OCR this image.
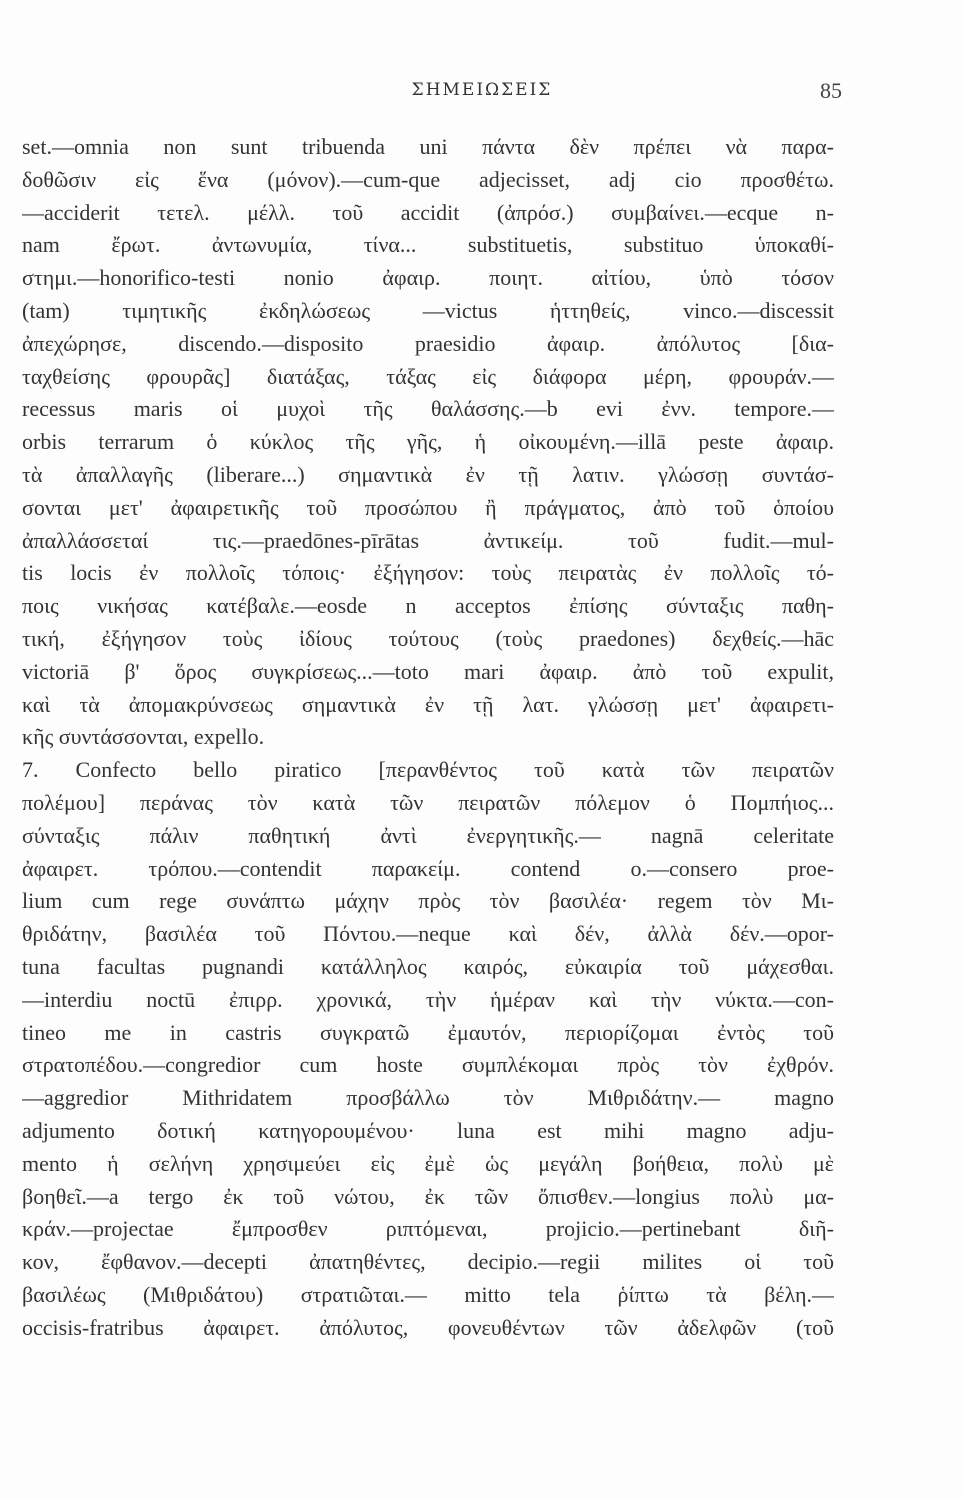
ΣΗΜΕΙΩΣΕΙΣ	85
set.—omnia non sunt tribuenda uni πάντα δὲν πρέπει νὰ παρα-
δοθῶσιν εἰς ἕνα (μόνον).—cum-que adjecisset, adj cio προσθέτω.
—acciderit τετελ. μέλλ. τοῦ accidit (ἀπρόσ.) συμβαίνει.—ecque n-
nam ἔρωτ. ἀντωνυμία, τίνα... substituetis, substituo ὑποκαθί-
στημι.—honorifico-testi nonio ἀφαιρ. ποιητ. αἰτίου, ὑπὸ τόσον
(tam) τιμητικῆς ἐκδηλώσεως —victus ἡττηθείς, vinco.—discessit
ἀπεχώρησε, discendo.—disposito praesidio ἀφαιρ. ἀπόλυτος [δια-
ταχθείσης φρουρᾶς] διατάξας, τάξας εἰς διάφορα μέρη, φρουράν.—
recessus maris οἱ μυχοὶ τῆς θαλάσσης.—b evi ἐνν. tempore.—
orbis terrarum ὁ κύκλος τῆς γῆς, ἡ οἰκουμένη.—illā peste ἀφαιρ.
τὰ ἀπαλλαγῆς (liberare...) σημαντικὰ ἐν τῇ λατιν. γλώσσῃ συντάσ-
σονται μετ' ἀφαιρετικῆς τοῦ προσώπου ἢ πράγματος, ἀπὸ τοῦ ὁποίου
ἀπαλλάσσεταί τις.—praedōnes-pīrātas ἀντικείμ. τοῦ fudit.—mul-
tis locis ἐν πολλοῖς τόποις· ἐξήγησον: τοὺς πειρατὰς ἐν πολλοῖς τό-
ποις νικήσας κατέβαλε.—eosde n acceptos ἐπίσης σύνταξις παθη-
τική, ἐξήγησον τοὺς ἰδίους τούτους (τοὺς praedones) δεχθείς.—hāc
victoriā β' ὅρος συγκρίσεως...—toto mari ἀφαιρ. ἀπὸ τοῦ expulit,
καὶ τὰ ἀπομακρύνσεως σημαντικὰ ἐν τῇ λατ. γλώσσῃ μετ' ἀφαιρετι-
κῆς συντάσσονται, expello.
7. Confecto bello piratico [περανθέντος τοῦ κατὰ τῶν πειρατῶν
πολέμου] περάνας τὸν κατὰ τῶν πειρατῶν πόλεμον ὁ Πομπήιος...
σύνταξις πάλιν παθητική ἀντὶ ἐνεργητικῆς.— nagnā celeritate
ἀφαιρετ. τρόπου.—contendit παρακείμ. contend o.—consero proe-
lium cum rege συνάπτω μάχην πρὸς τὸν βασιλέα· regem τὸν Μι-
θριδάτην, βασιλέα τοῦ Πόντου.—neque καὶ δέν, ἀλλὰ δέν.—opor-
tuna facultas pugnandi κατάλληλος καιρός, εὐκαιρία τοῦ μάχεσθαι.
—interdiu noctū ἐπιρρ. χρονικά, τὴν ἡμέραν καὶ τὴν νύκτα.—con-
tineo me in castris συγκρατῶ ἐμαυτόν, περιορίζομαι ἐντὸς τοῦ
στρατοπέδου.—congredior cum hoste συμπλέκομαι πρὸς τὸν ἐχθρόν.
—aggredior Mithridatem προσβάλλω τὸν Μιθριδάτην.— magno
adjumento δοτική κατηγορουμένου· luna est mihi magno adju-
mento ἡ σελήνη χρησιμεύει εἰς ἐμὲ ὡς μεγάλη βοήθεια, πολὺ μὲ
βοηθεῖ.—a tergo ἐκ τοῦ νώτου, ἐκ τῶν ὄπισθεν.—longius πολὺ μα-
κράν.—projectae ἔμπροσθεν ριπτόμεναι, projicio.—pertinebant διῆ-
κον, ἔφθανον.—decepti ἀπατηθέντες, decipio.—regii milites οἱ τοῦ
βασιλέως (Μιθριδάτου) στρατιῶται.— mitto tela ῥίπτω τὰ βέλη.—
occisis-fratribus ἀφαιρετ. ἀπόλυτος, φονευθέντων τῶν ἀδελφῶν (τοῦ
